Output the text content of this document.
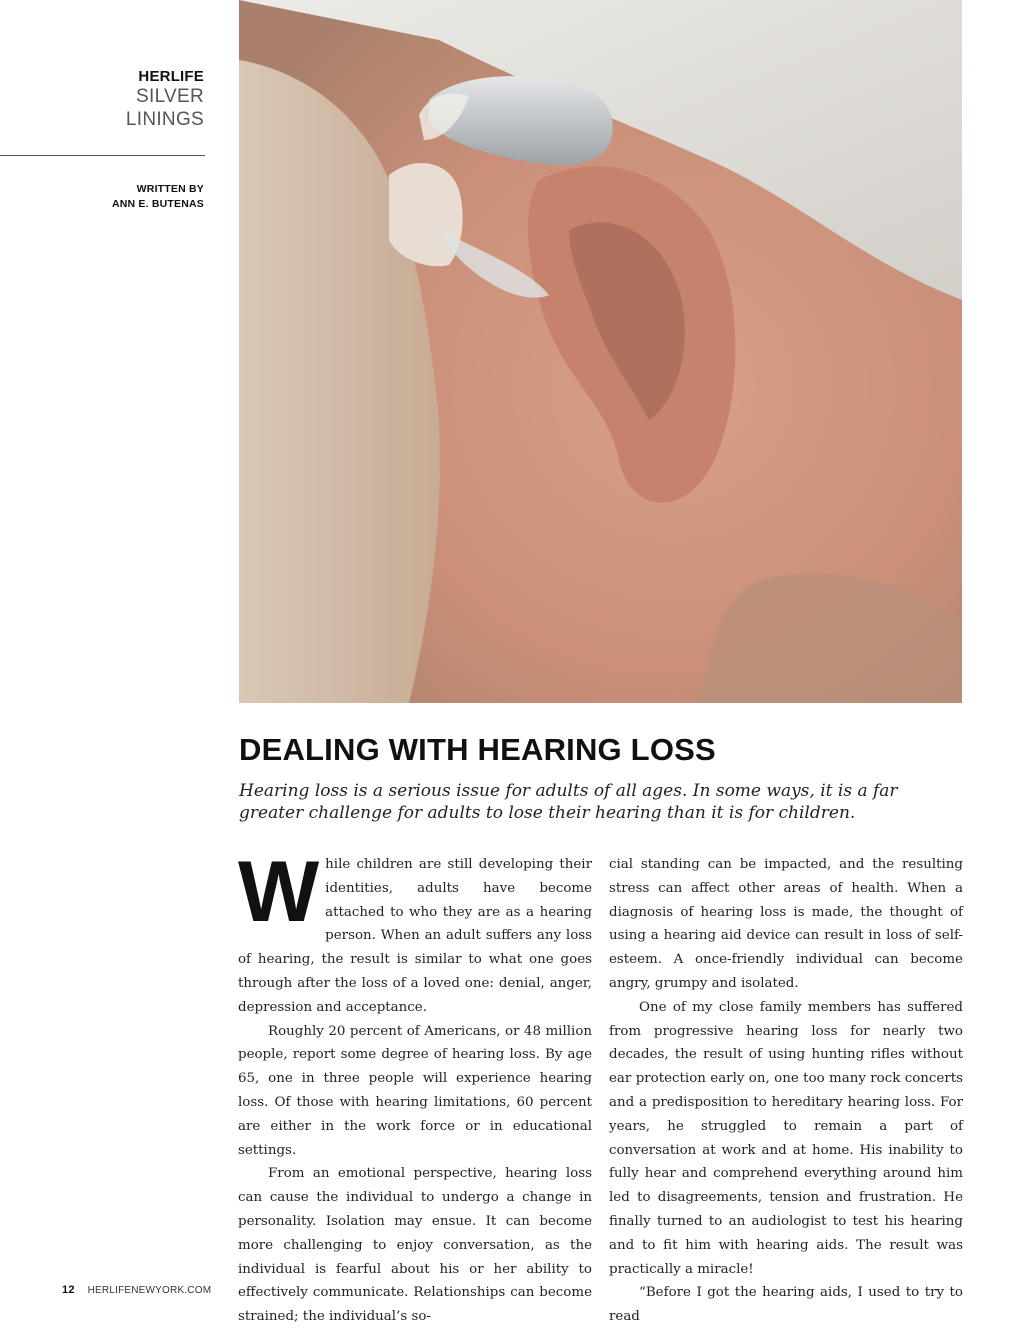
HERLIFE
SILVER
LININGS
WRITTEN BY
ANN E. BUTENAS
DEALING WITH HEARING LOSS

Hearing loss is a serious issue for adults of all ages. In some ways, it is a far greater challenge for adults to lose their hearing than it is for children.

While children are still developing their identities, adults have become attached to who they are as a hearing person. When an adult suffers any loss of hearing, the result is similar to what one goes through after the loss of a loved one: denial, anger, depression and acceptance.

Roughly 20 percent of Americans, or 48 million people, report some degree of hearing loss. By age 65, one in three people will experience hearing loss. Of those with hearing limitations, 60 percent are either in the work force or in educational settings.

From an emotional perspective, hearing loss can cause the individual to undergo a change in personality. Isolation may ensue. It can become more challenging to enjoy conversation, as the individual is fearful about his or her ability to effectively communicate. Relationships can become strained; the individual’s so-

cial standing can be impacted, and the resulting stress can affect other areas of health. When a diagnosis of hearing loss is made, the thought of using a hearing aid device can result in loss of self-esteem. A once-friendly individual can become angry, grumpy and isolated.

One of my close family members has suffered from progressive hearing loss for nearly two decades, the result of using hunting rifles without ear protection early on, one too many rock concerts and a predisposition to hereditary hearing loss. For years, he struggled to remain a part of conversation at work and at home. His inability to fully hear and comprehend everything around him led to disagreements, tension and frustration. He finally turned to an audiologist to test his hearing and to fit him with hearing aids. The result was practically a miracle!

“Before I got the hearing aids, I used to try to read

12 HERLIFENEWYORK.COM
